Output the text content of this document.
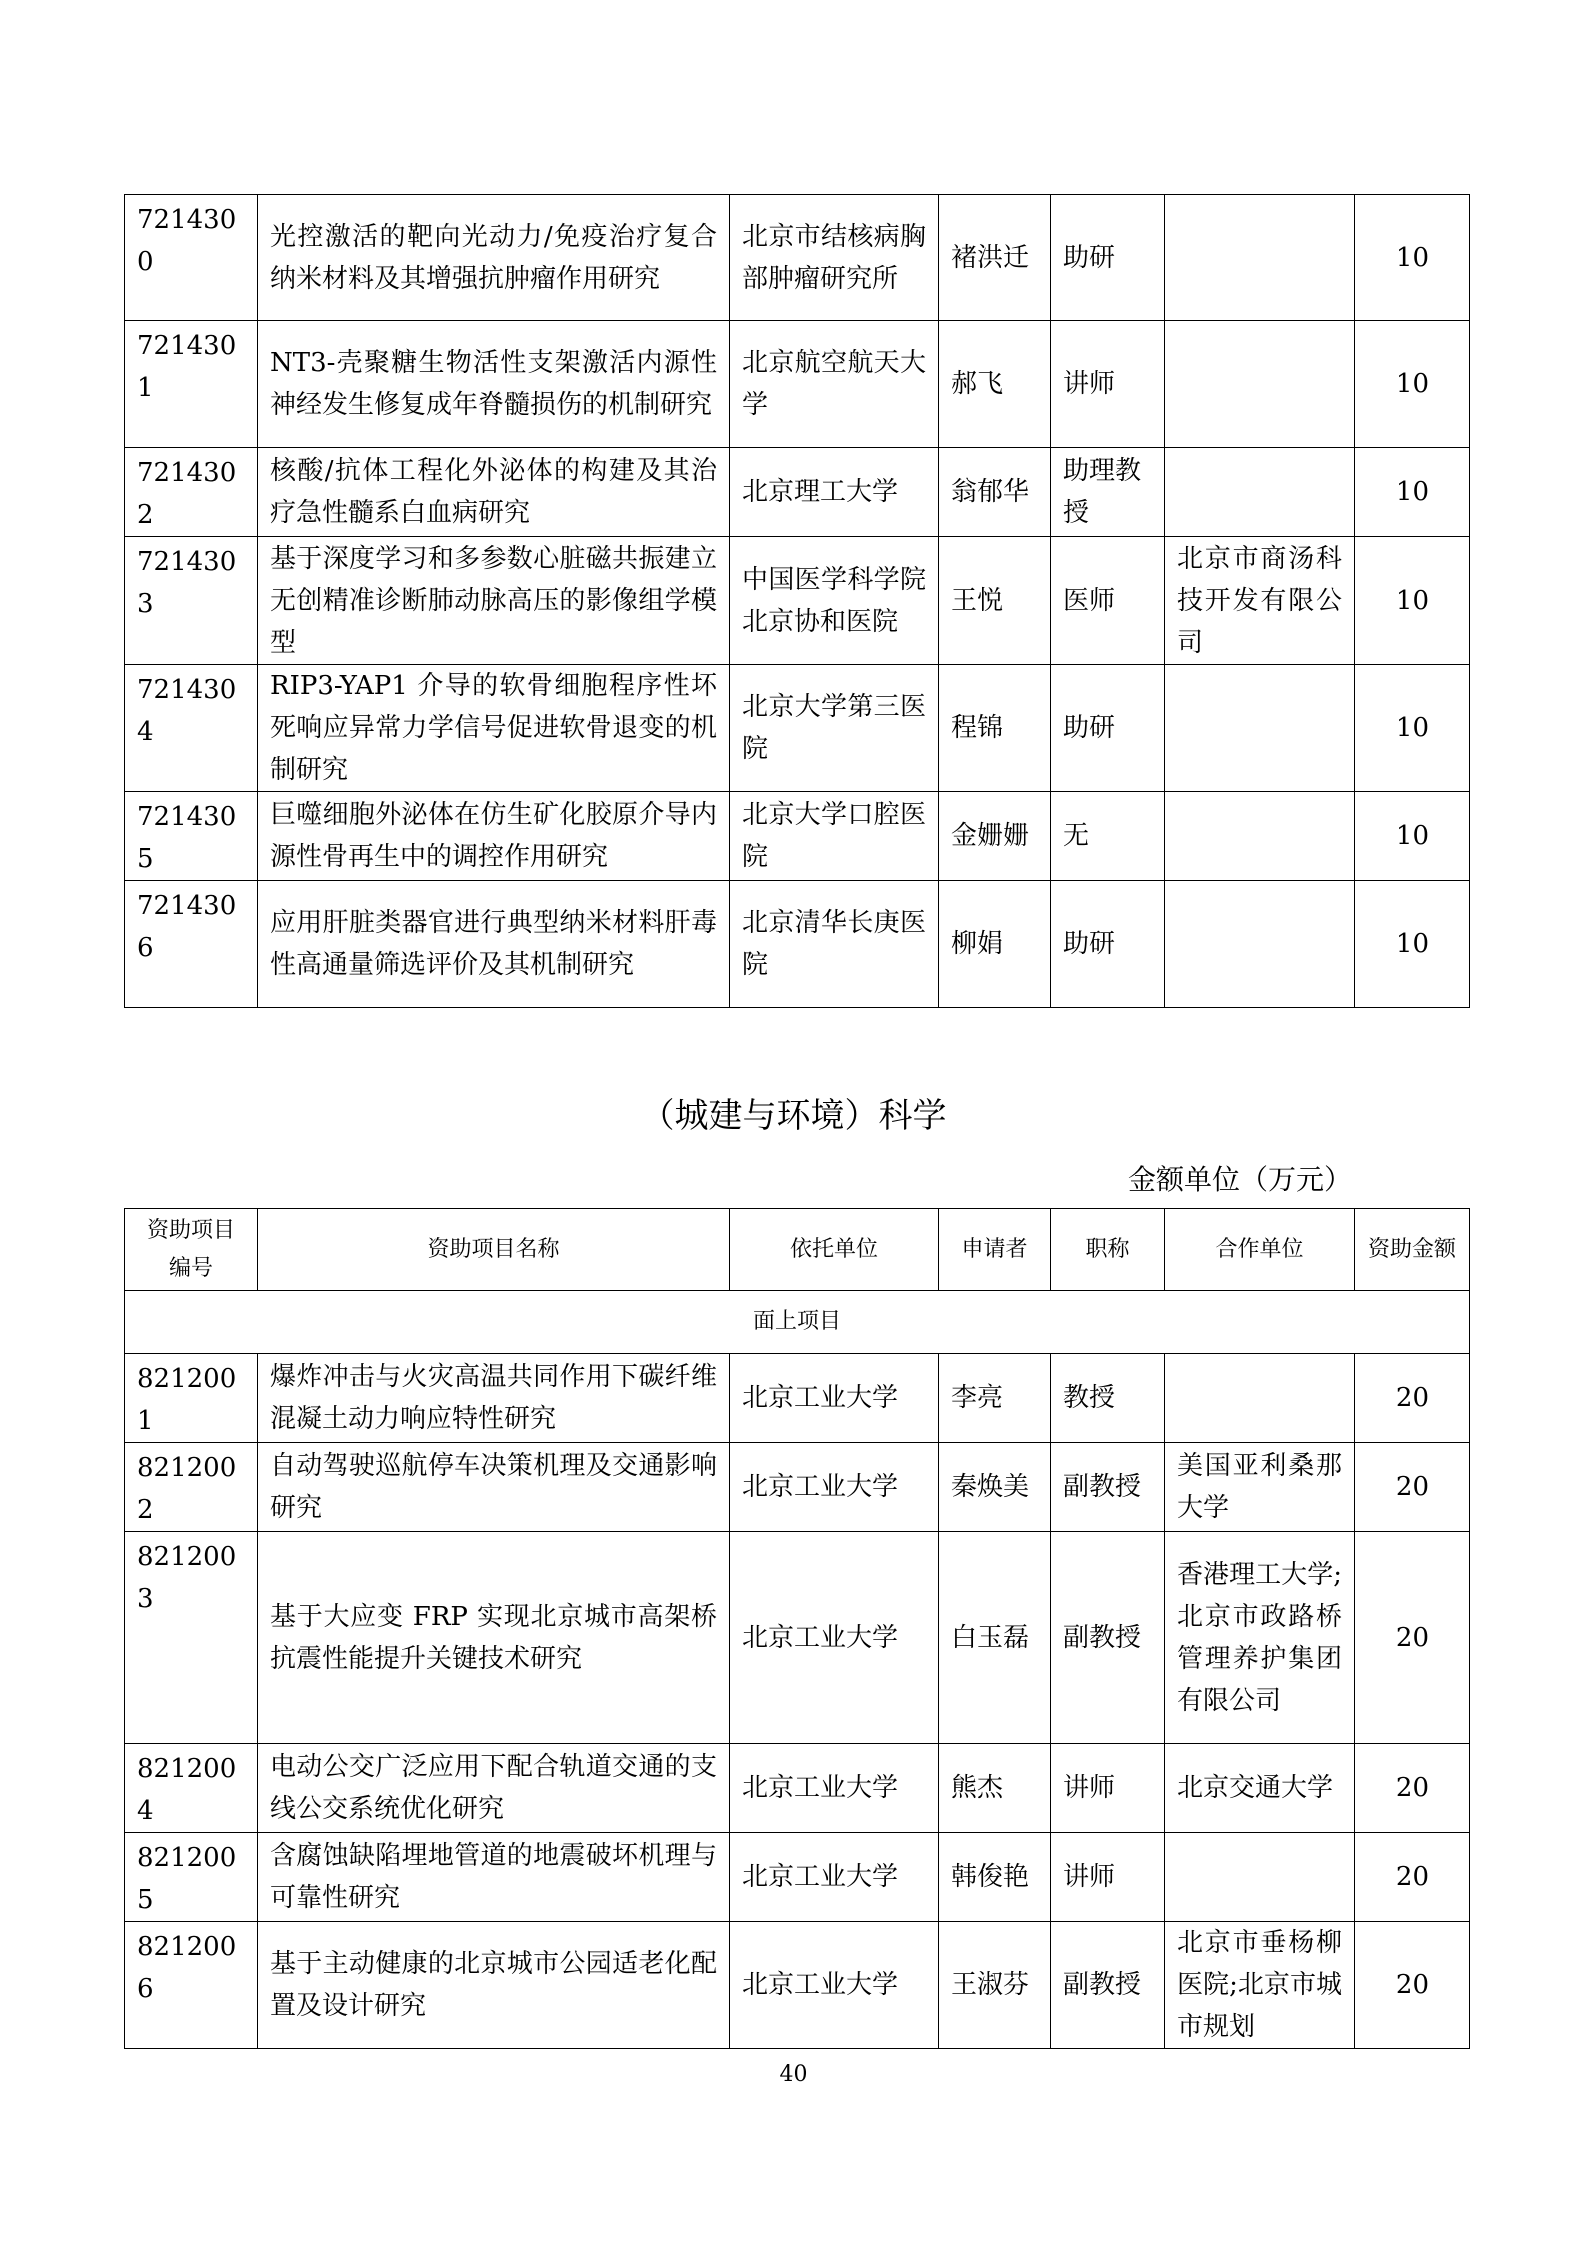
7214300	光控激活的靶向光动力/免疫治疗复合纳米材料及其增强抗肿瘤作用研究	北京市结核病胸部肿瘤研究所	褚洪迁	助研		10
7214301	NT3-壳聚糖生物活性支架激活内源性神经发生修复成年脊髓损伤的机制研究	北京航空航天大学	郝飞	讲师		10
7214302	核酸/抗体工程化外泌体的构建及其治疗急性髓系白血病研究	北京理工大学	翁郁华	助理教授		10
7214303	基于深度学习和多参数心脏磁共振建立无创精准诊断肺动脉高压的影像组学模型	中国医学科学院北京协和医院	王悦	医师	北京市商汤科技开发有限公司	10
7214304	RIP3-YAP1 介导的软骨细胞程序性坏死响应异常力学信号促进软骨退变的机制研究	北京大学第三医院	程锦	助研		10
7214305	巨噬细胞外泌体在仿生矿化胶原介导内源性骨再生中的调控作用研究	北京大学口腔医院	金姗姗	无		10
7214306	应用肝脏类器官进行典型纳米材料肝毒性高通量筛选评价及其机制研究	北京清华长庚医院	柳娟	助研		10
（城建与环境）科学
金额单位（万元）
资助项目编号	资助项目名称	依托单位	申请者	职称	合作单位	资助金额
面上项目						
8212001	爆炸冲击与火灾高温共同作用下碳纤维混凝土动力响应特性研究	北京工业大学	李亮	教授		20
8212002	自动驾驶巡航停车决策机理及交通影响研究	北京工业大学	秦焕美	副教授	美国亚利桑那大学	20
8212003	基于大应变 FRP 实现北京城市高架桥抗震性能提升关键技术研究	北京工业大学	白玉磊	副教授	香港理工大学;北京市政路桥管理养护集团有限公司	20
8212004	电动公交广泛应用下配合轨道交通的支线公交系统优化研究	北京工业大学	熊杰	讲师	北京交通大学	20
8212005	含腐蚀缺陷埋地管道的地震破坏机理与可靠性研究	北京工业大学	韩俊艳	讲师		20
8212006	基于主动健康的北京城市公园适老化配置及设计研究	北京工业大学	王淑芬	副教授	北京市垂杨柳医院;北京市城市规划	20
40
